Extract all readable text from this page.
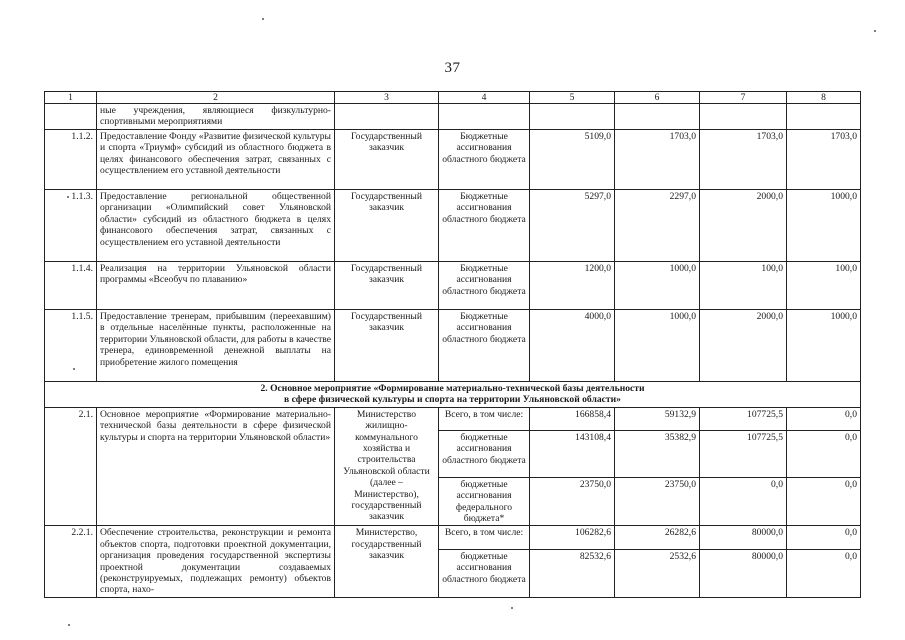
37
1	2	3	4	5	6	7	8
	ные учреждения, являющиеся физкультурно-спортивными мероприятиями						
1.1.2.	Предоставление Фонду «Развитие физической культуры и спорта «Триумф» субсидий из областного бюджета в целях финансового обеспечения затрат, связанных с осуществлением его уставной деятельности	Государственный заказчик	Бюджетные ассигнования областного бюджета	5109,0	1703,0	1703,0	1703,0
1.1.3.	Предоставление региональной общественной организации «Олимпийский совет Ульяновской области» субсидий из областного бюджета в целях финансового обеспечения затрат, связанных с осуществлением его уставной деятельности	Государственный заказчик	Бюджетные ассигнования областного бюджета	5297,0	2297,0	2000,0	1000,0
1.1.4.	Реализация на территории Ульяновской области программы «Всеобуч по плаванию»	Государственный заказчик	Бюджетные ассигнования областного бюджета	1200,0	1000,0	100,0	100,0
1.1.5.	Предоставление тренерам, прибывшим (переехавшим) в отдельные населённые пункты, расположенные на территории Ульяновской области, для работы в качестве тренера, единовременной денежной выплаты на приобретение жилого помещения	Государственный заказчик	Бюджетные ассигнования областного бюджета	4000,0	1000,0	2000,0	1000,0

2. Основное мероприятие «Формирование материально-технической базы деятельности
в сфере физической культуры и спорта на территории Ульяновской области»							

2.1.	Основное мероприятие «Формирование материально-технической базы деятельности в сфере физической культуры и спорта на территории Ульяновской области»	Министерство жилищно-коммунального хозяйства и строительства Ульяновской области (далее – Министерство), государственный заказчик	Всего, в том числе:	166858,4	59132,9	107725,5	0,0
			бюджетные ассигнования областного бюджета	143108,4	35382,9	107725,5	0,0
			бюджетные ассигнования федерального бюджета*	23750,0	23750,0	0,0	0,0
2.2.1.	Обеспечение строительства, реконструкции и ремонта объектов спорта, подготовки проектной документации, организация проведения государственной экспертизы проектной документации создаваемых (реконструируемых, подлежащих ремонту) объектов спорта, нахо-	Министерство, государственный заказчик	Всего, в том числе:	106282,6	26282,6	80000,0	0,0
			бюджетные ассигнования областного бюджета	82532,6	2532,6	80000,0	0,0
